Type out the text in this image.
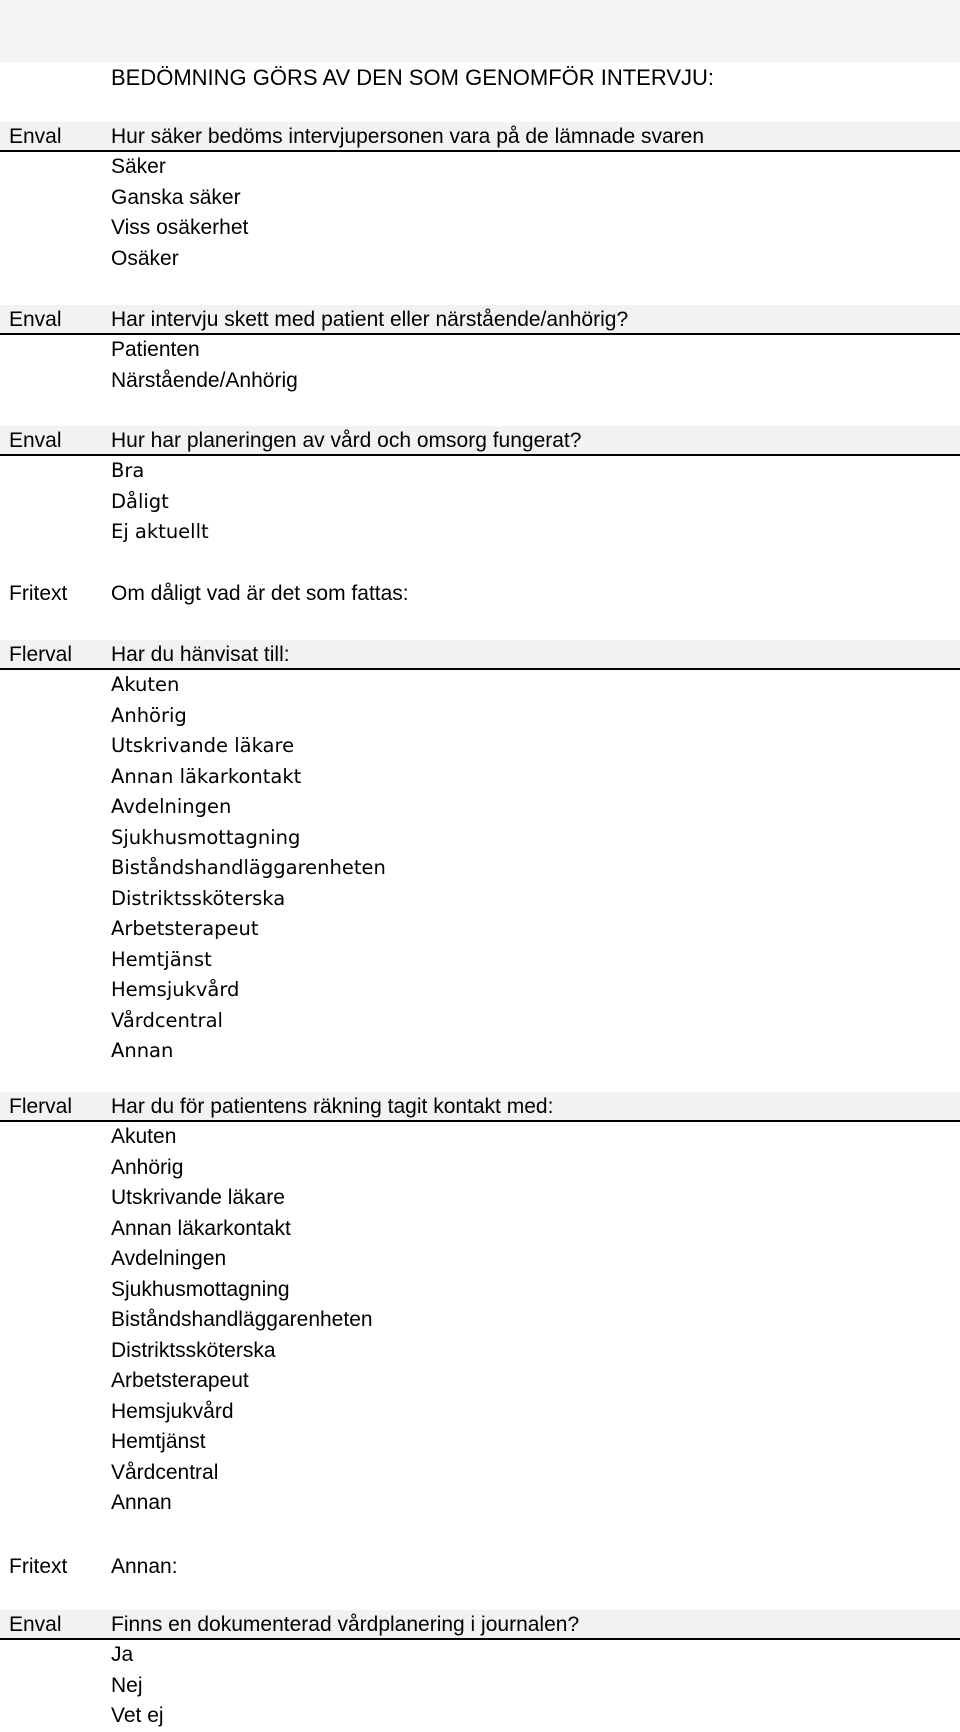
BEDÖMNING GÖRS AV DEN SOM GENOMFÖR INTERVJU:
Enval Hur säker bedöms intervjupersonen vara på de lämnade svaren
Säker
Ganska säker
Viss osäkerhet
Osäker
Enval Har intervju skett med patient eller närstående/anhörig?
Patienten
Närstående/Anhörig
Enval Hur har planeringen av vård och omsorg fungerat?
Bra
Dåligt
Ej aktuellt
Fritext Om dåligt vad är det som fattas:
Flerval Har du hänvisat till:
Akuten
Anhörig
Utskrivande läkare
Annan läkarkontakt
Avdelningen
Sjukhusmottagning
Biståndshandläggarenheten
Distriktssköterska
Arbetsterapeut
Hemtjänst
Hemsjukvård
Vårdcentral
Annan
Flerval Har du för patientens räkning tagit kontakt med:
Akuten
Anhörig
Utskrivande läkare
Annan läkarkontakt
Avdelningen
Sjukhusmottagning
Biståndshandläggarenheten
Distriktssköterska
Arbetsterapeut
Hemsjukvård
Hemtjänst
Vårdcentral
Annan
Fritext Annan:
Enval Finns en dokumenterad vårdplanering i journalen?
Ja
Nej
Vet ej
